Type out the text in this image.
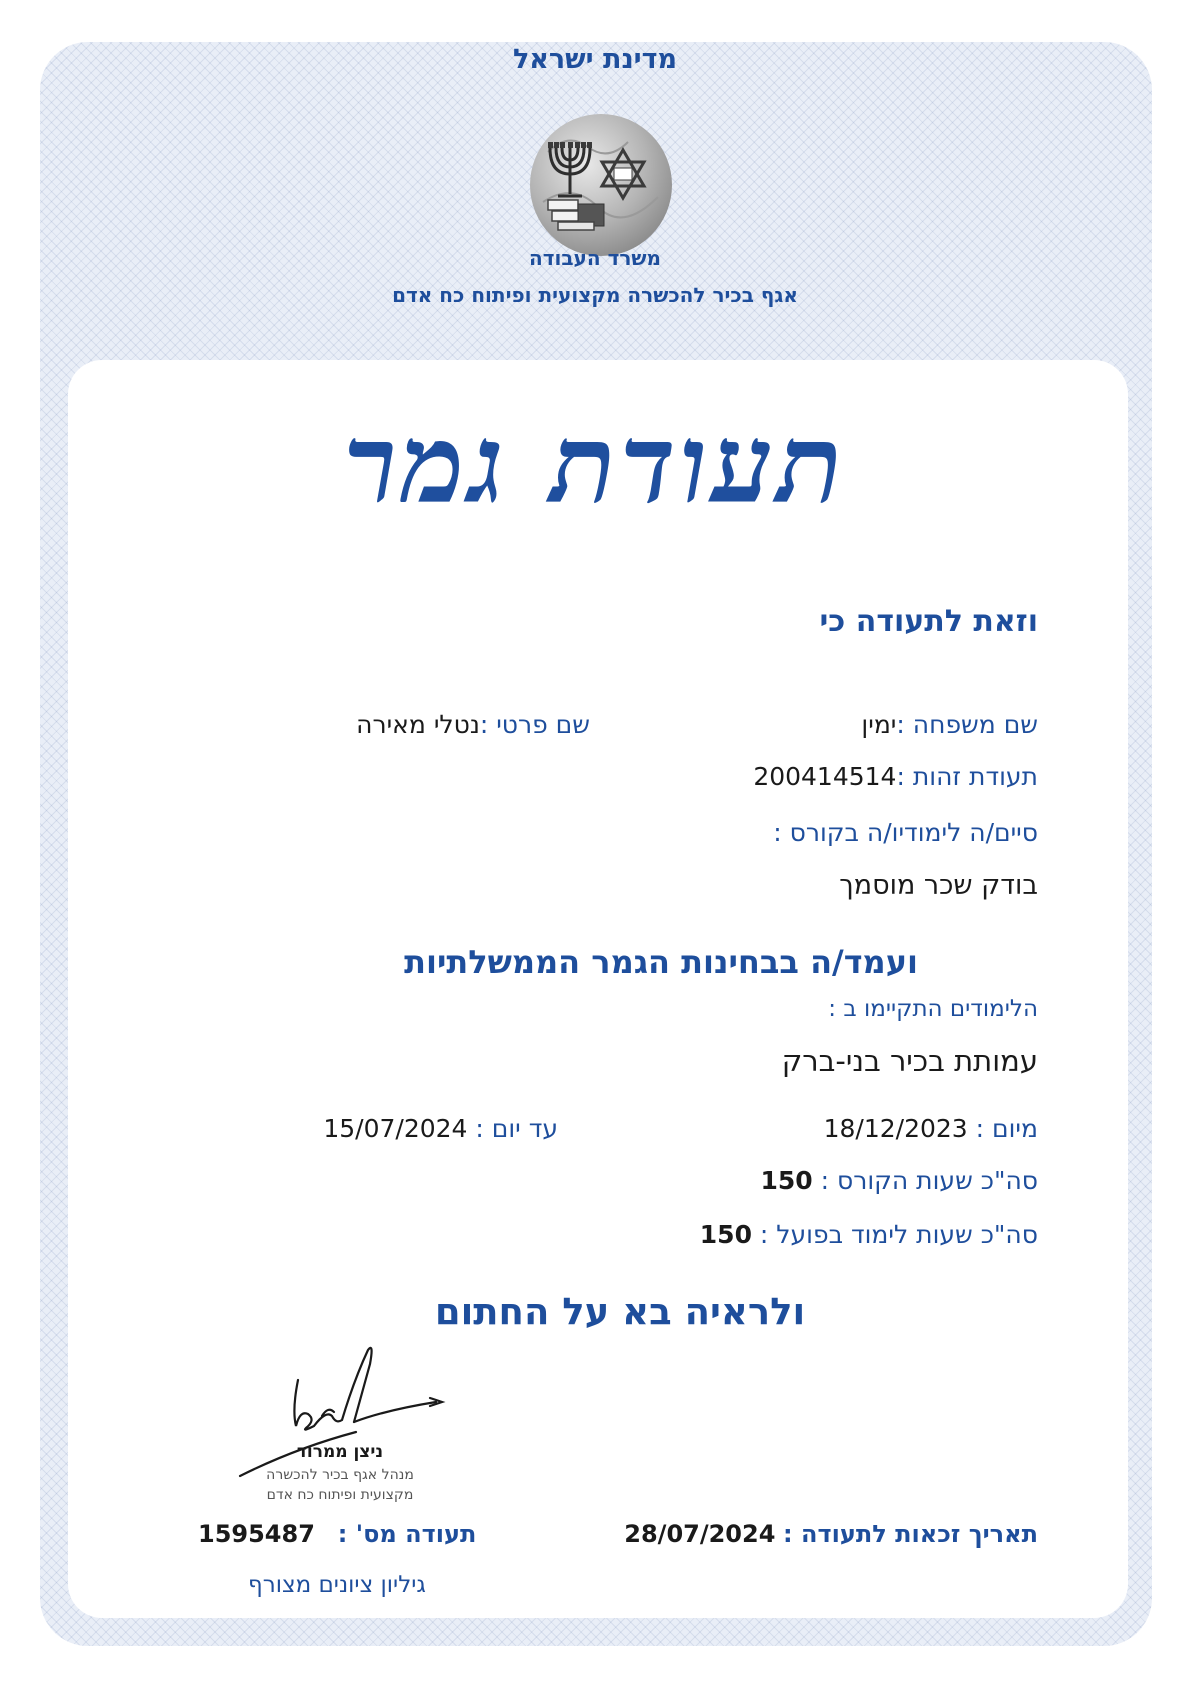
מדינת ישראל
משרד העבודה
אגף בכיר להכשרה מקצועית ופיתוח כח אדם
תעודת גמר
וזאת לתעודה כי
שם משפחה :ימין
שם פרטי :נטלי מאירה
תעודת זהות :200414514
סיים/ה לימודיו/ה בקורס :
בודק שכר מוסמך
ועמד/ה בבחינות הגמר הממשלתיות
הלימודים התקיימו ב :
עמותת בכיר בני-ברק
מיום : 18/12/2023
עד יום : 15/07/2024
סה"כ שעות הקורס : 150
סה"כ שעות לימוד בפועל : 150
ולראיה בא על החתום
ניצן ממרוד
מנהל אגף בכיר להכשרה
מקצועית ופיתוח כח אדם
תאריך זכאות לתעודה : 28/07/2024
תעודה מס' :   1595487
גיליון ציונים מצורף
